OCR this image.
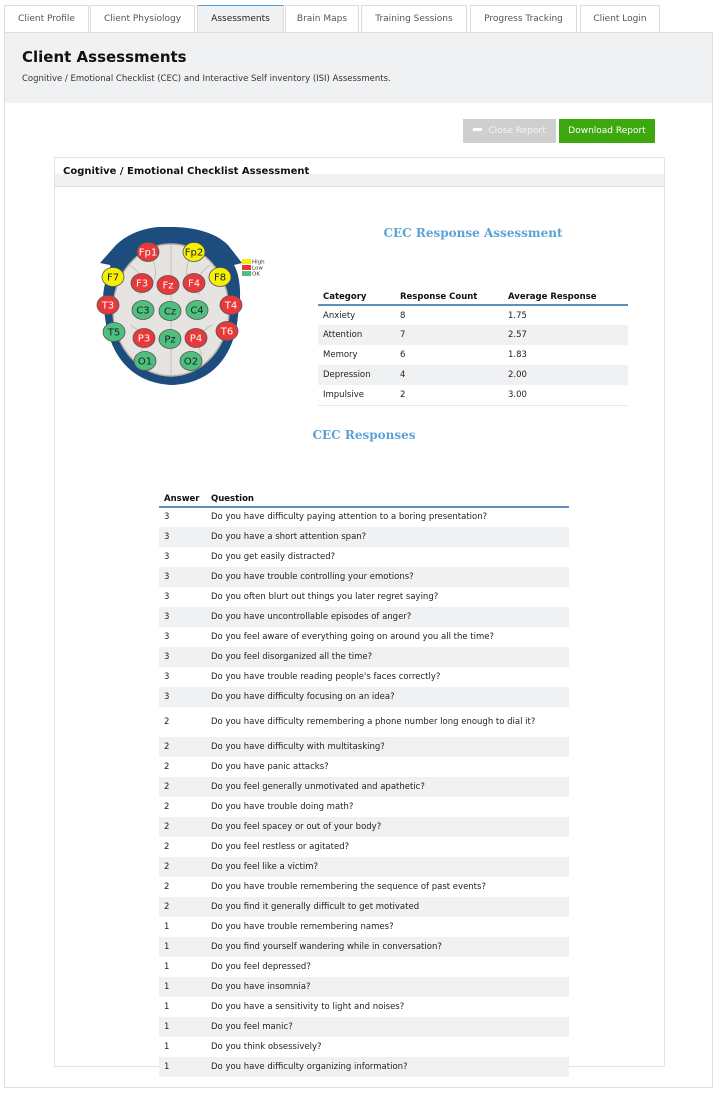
Client Profile	Client Physiology	Assessments	Brain Maps	Training Sessions	Progress Tracking	Client Login
Client Assessments
Cognitive / Emotional Checklist (CEC) and Interactive Self inventory (ISI) Assessments.
Close Report	Download Report
Cognitive / Emotional Checklist Assessment
Fp1	Fp2
F7
F3 Fz F4
F8
T3 C3 Cz C4 T4
T5
P3 Pz P4
T6
O1	O2
High
Low
OK
CEC Response Assessment
Category	Response Count	Average Response
Anxiety	8	1.75
Attention	7	2.57
Memory	6	1.83
Depression	4	2.00
Impulsive	2	3.00
CEC Responses
Answer	Question
3	Do you have difficulty paying attention to a boring presentation?
3	Do you have a short attention span?
3	Do you get easily distracted?
3	Do you have trouble controlling your emotions?
3	Do you often blurt out things you later regret saying?
3	Do you have uncontrollable episodes of anger?
3	Do you feel aware of everything going on around you all the time?
3	Do you feel disorganized all the time?
3	Do you have trouble reading people's faces correctly?
3	Do you have difficulty focusing on an idea?
2	Do you have difficulty remembering a phone number long enough to dial it?
2	Do you have difficulty with multitasking?
2	Do you have panic attacks?
2	Do you feel generally unmotivated and apathetic?
2	Do you have trouble doing math?
2	Do you feel spacey or out of your body?
2	Do you feel restless or agitated?
2	Do you feel like a victim?
2	Do you have trouble remembering the sequence of past events?
2	Do you find it generally difficult to get motivated
1	Do you have trouble remembering names?
1	Do you find yourself wandering while in conversation?
1	Do you feel depressed?
1	Do you have insomnia?
1	Do you have a sensitivity to light and noises?
1	Do you feel manic?
1	Do you think obsessively?
1	Do you have difficulty organizing information?
